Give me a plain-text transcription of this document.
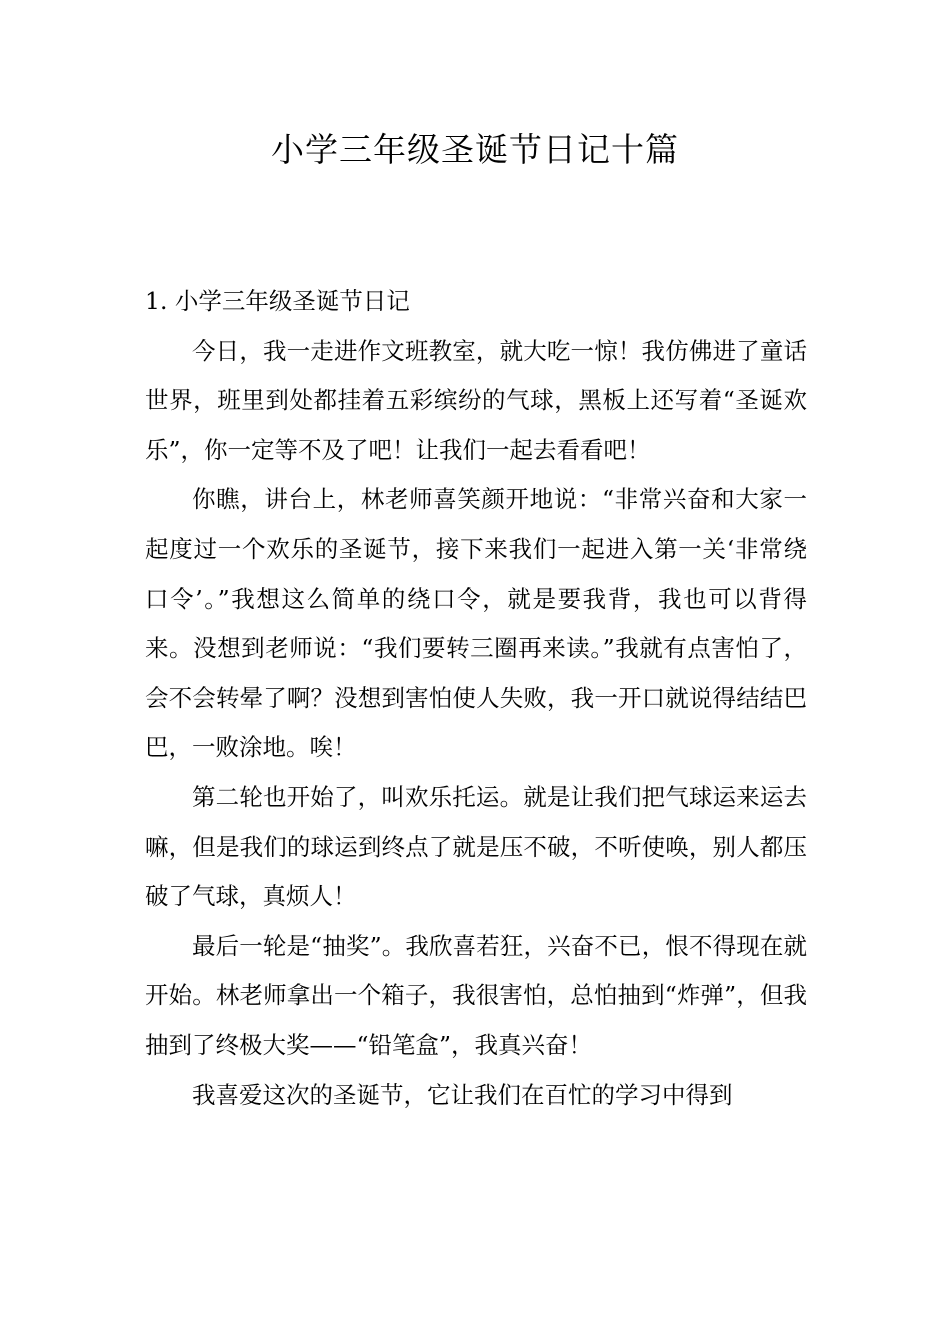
小学三年级圣诞节日记十篇

1. 小学三年级圣诞节日记

今日，我一走进作文班教室，就大吃一惊！我仿佛进了童话世界，班里到处都挂着五彩缤纷的气球，黑板上还写着“圣诞欢乐”，你一定等不及了吧！让我们一起去看看吧！

你瞧，讲台上，林老师喜笑颜开地说：“非常兴奋和大家一起度过一个欢乐的圣诞节，接下来我们一起进入第一关‘非常绕口令’。”我想这么简单的绕口令，就是要我背，我也可以背得来。没想到老师说：“我们要转三圈再来读。”我就有点害怕了，会不会转晕了啊？没想到害怕使人失败，我一开口就说得结结巴巴，一败涂地。唉！

第二轮也开始了，叫欢乐托运。就是让我们把气球运来运去嘛，但是我们的球运到终点了就是压不破，不听使唤，别人都压破了气球，真烦人！

最后一轮是“抽奖”。我欣喜若狂，兴奋不已，恨不得现在就开始。林老师拿出一个箱子，我很害怕，总怕抽到“炸弹”，但我抽到了终极大奖——“铅笔盒”，我真兴奋！

我喜爱这次的圣诞节，它让我们在百忙的学习中得到
